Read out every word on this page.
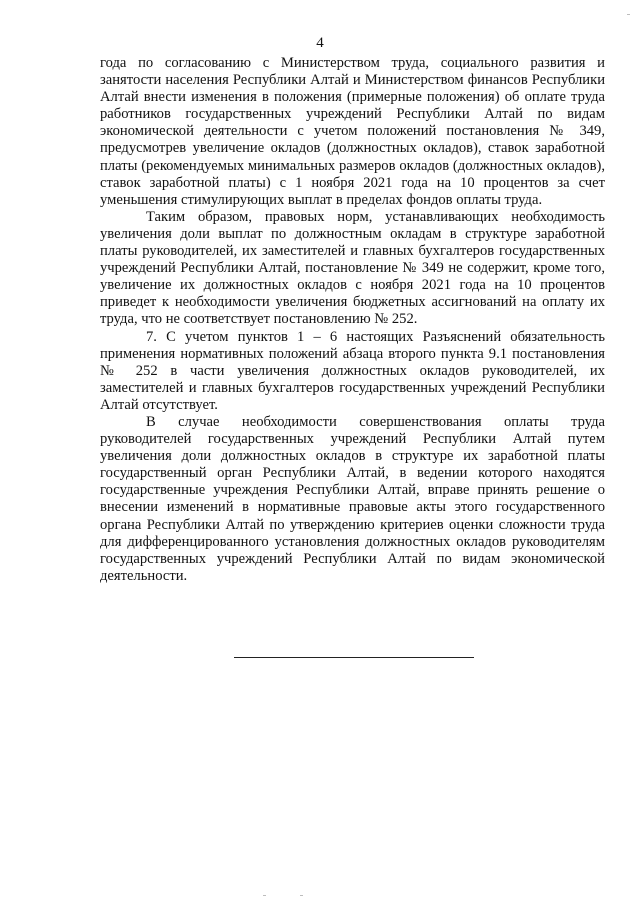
4

года по согласованию с Министерством труда, социального развития и занятости населения Республики Алтай и Министерством финансов Республики Алтай внести изменения в положения (примерные положения) об оплате труда работников государственных учреждений Республики Алтай по видам экономической деятельности с учетом положений постановления № 349, предусмотрев увеличение окладов (должностных окладов), ставок заработной платы (рекомендуемых минимальных размеров окладов (должностных окладов), ставок заработной платы) с 1 ноября 2021 года на 10 процентов за счет уменьшения стимулирующих выплат в пределах фондов оплаты труда.

Таким образом, правовых норм, устанавливающих необходимость увеличения доли выплат по должностным окладам в структуре заработной платы руководителей, их заместителей и главных бухгалтеров государственных учреждений Республики Алтай, постановление № 349 не содержит, кроме того, увеличение их должностных окладов с ноября 2021 года на 10 процентов приведет к необходимости увеличения бюджетных ассигнований на оплату их труда, что не соответствует постановлению № 252.

7. С учетом пунктов 1 – 6 настоящих Разъяснений обязательность применения нормативных положений абзаца второго пункта 9.1 постановления № 252 в части увеличения должностных окладов руководителей, их заместителей и главных бухгалтеров государственных учреждений Республики Алтай отсутствует.

В случае необходимости совершенствования оплаты труда руководителей государственных учреждений Республики Алтай путем увеличения доли должностных окладов в структуре их заработной платы государственный орган Республики Алтай, в ведении которого находятся государственные учреждения Республики Алтай, вправе принять решение о внесении изменений в нормативные правовые акты этого государственного органа Республики Алтай по утверждению критериев оценки сложности труда для дифференцированного установления должностных окладов руководителям государственных учреждений Республики Алтай по видам экономической деятельности.
